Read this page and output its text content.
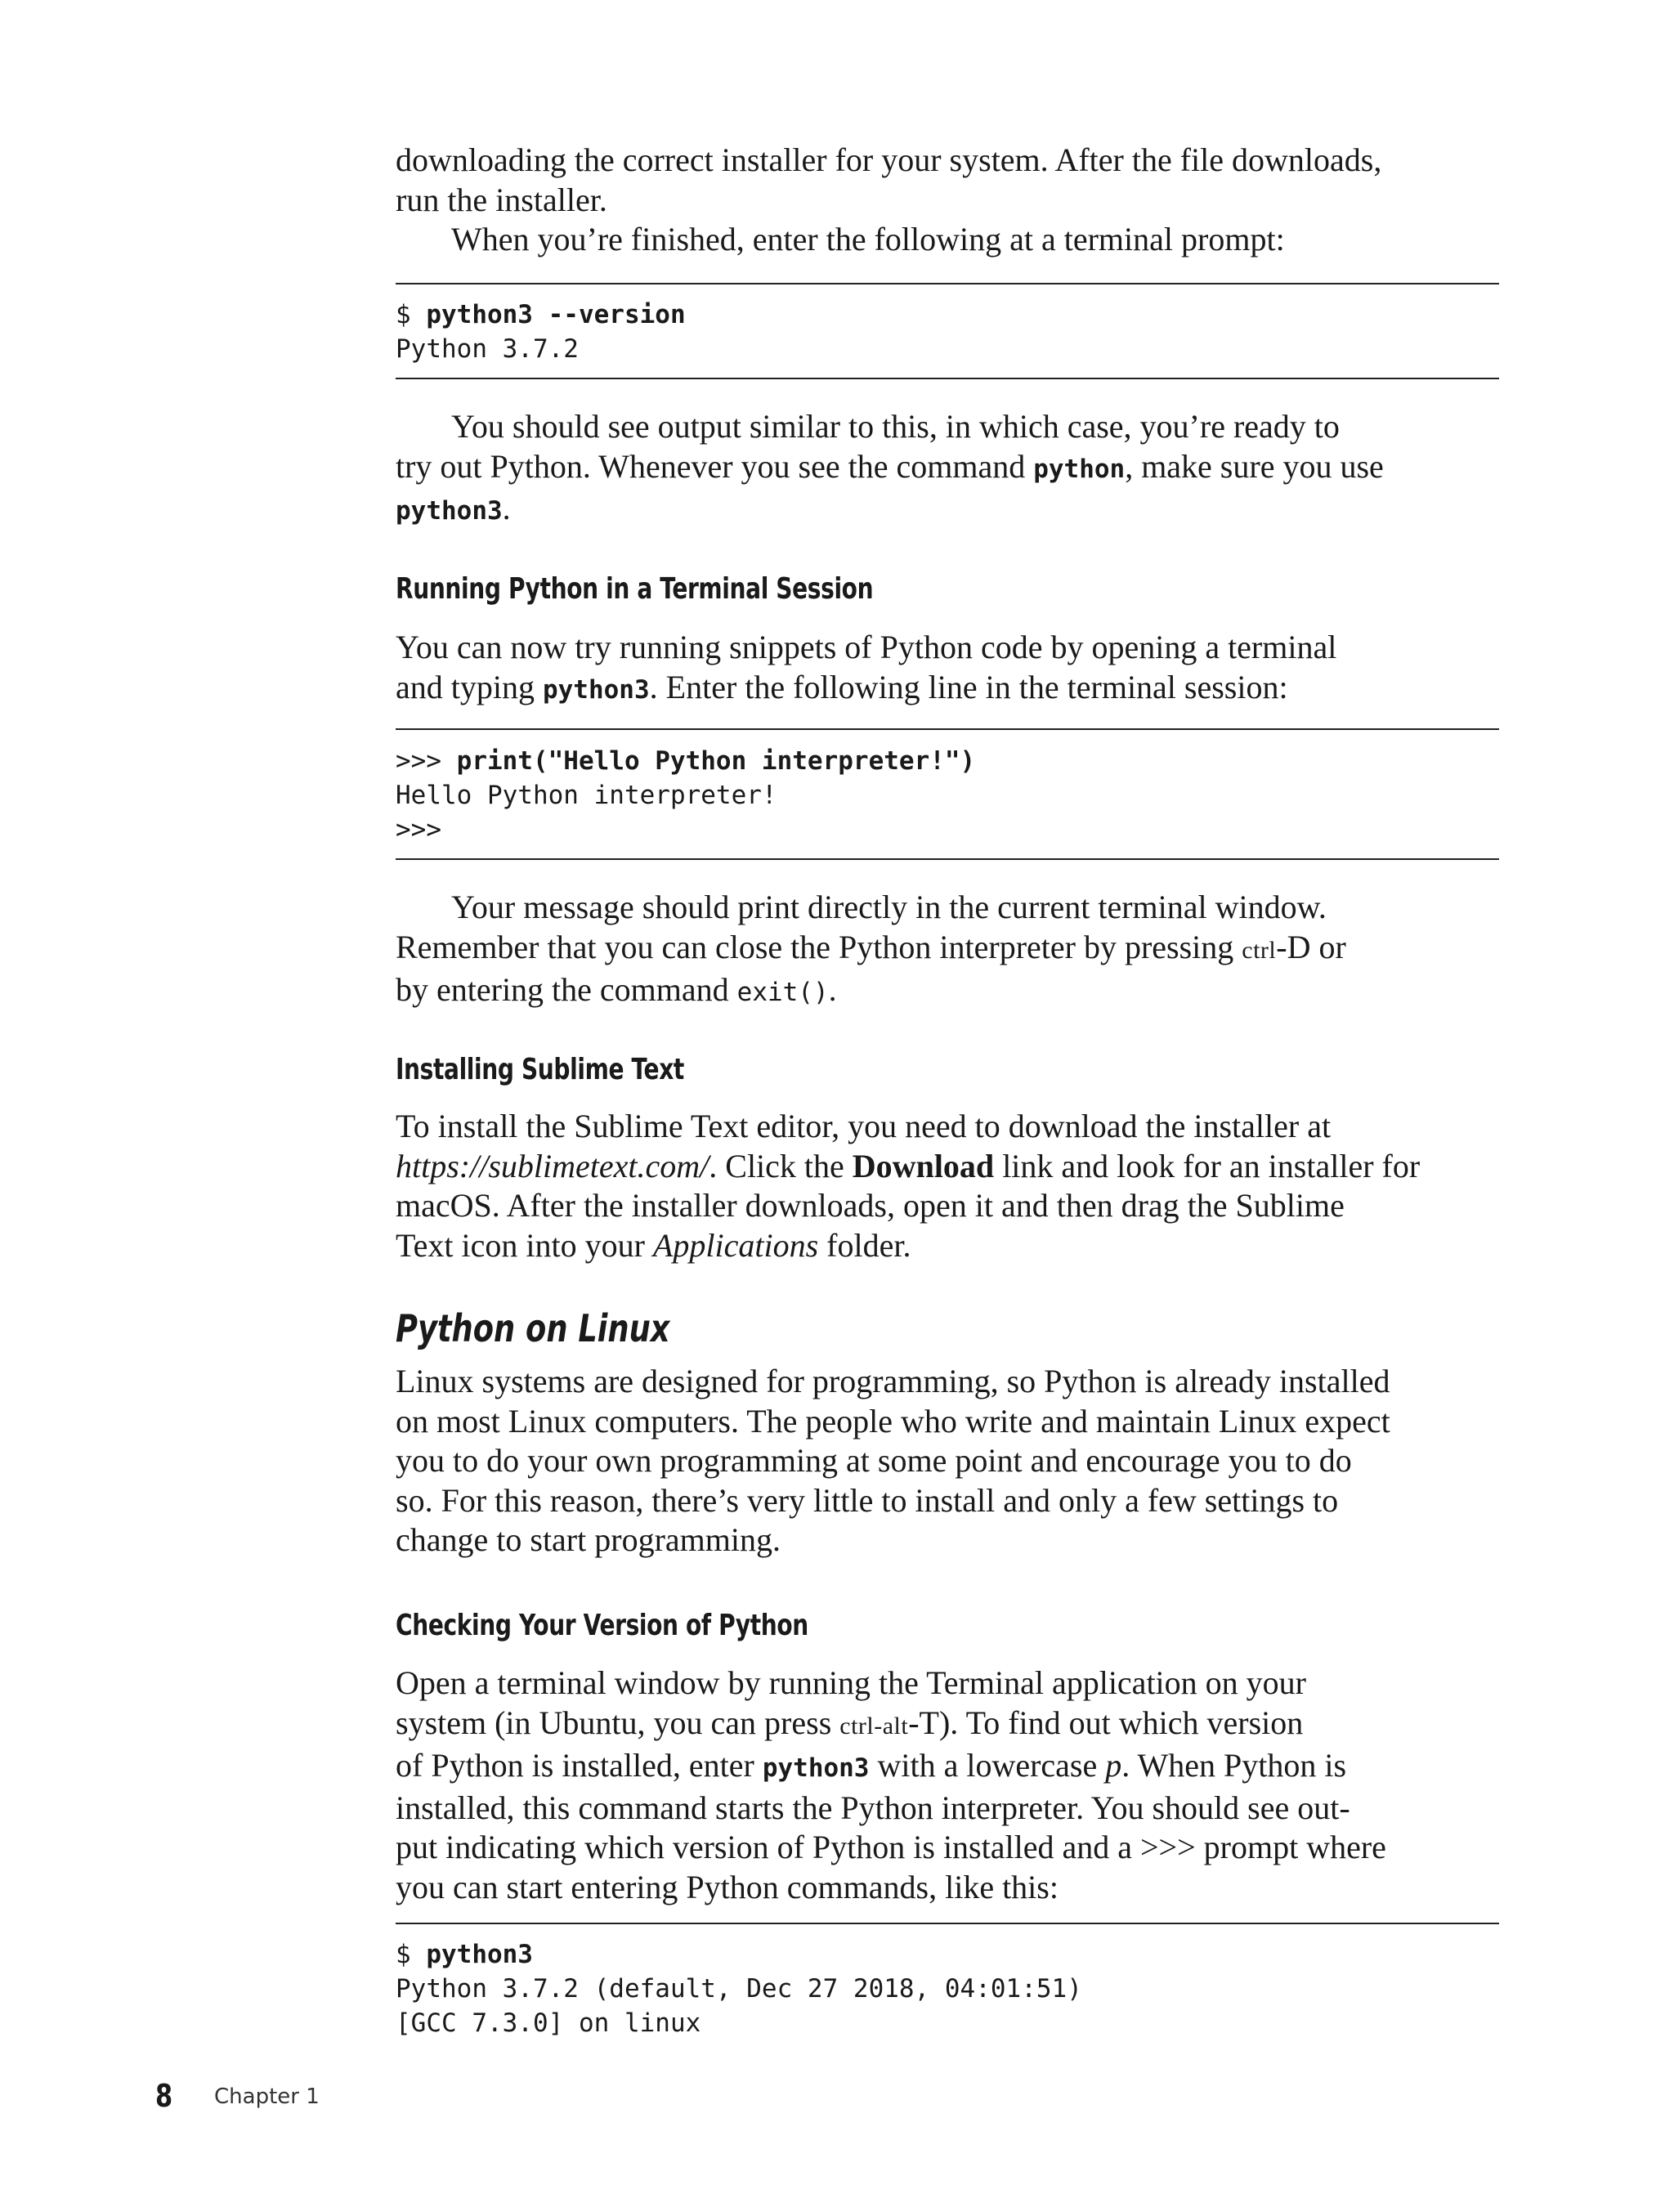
downloading the correct installer for your system. After the file downloads,

run the installer.

When you’re finished, enter the following at a terminal prompt:

$ python3 --version
Python 3.7.2

You should see output similar to this, in which case, you’re ready to

try out Python. Whenever you see the command python, make sure you use

python3.

Running Python in a Terminal Session

You can now try running snippets of Python code by opening a terminal

and typing python3. Enter the following line in the terminal session:

>>> print("Hello Python interpreter!")
Hello Python interpreter!
>>>

Your message should print directly in the current terminal window.

Remember that you can close the Python interpreter by pressing ctrl-D or

by entering the command exit().

Installing Sublime Text

To install the Sublime Text editor, you need to download the installer at

https://sublimetext.com/. Click the Download link and look for an installer for

macOS. After the installer downloads, open it and then drag the Sublime

Text icon into your Applications folder.

Python on Linux

Linux systems are designed for programming, so Python is already installed

on most Linux computers. The people who write and maintain Linux expect

you to do your own programming at some point and encourage you to do

so. For this reason, there’s very little to install and only a few settings to

change to start programming.

Checking Your Version of Python

Open a terminal window by running the Terminal application on your

system (in Ubuntu, you can press ctrl-alt-T). To find out which version

of Python is installed, enter python3 with a lowercase p. When Python is

installed, this command starts the Python interpreter. You should see out-

put indicating which version of Python is installed and a >>> prompt where

you can start entering Python commands, like this:

$ python3
Python 3.7.2 (default, Dec 27 2018, 04:01:51)
[GCC 7.3.0] on linux
8 Chapter 1
